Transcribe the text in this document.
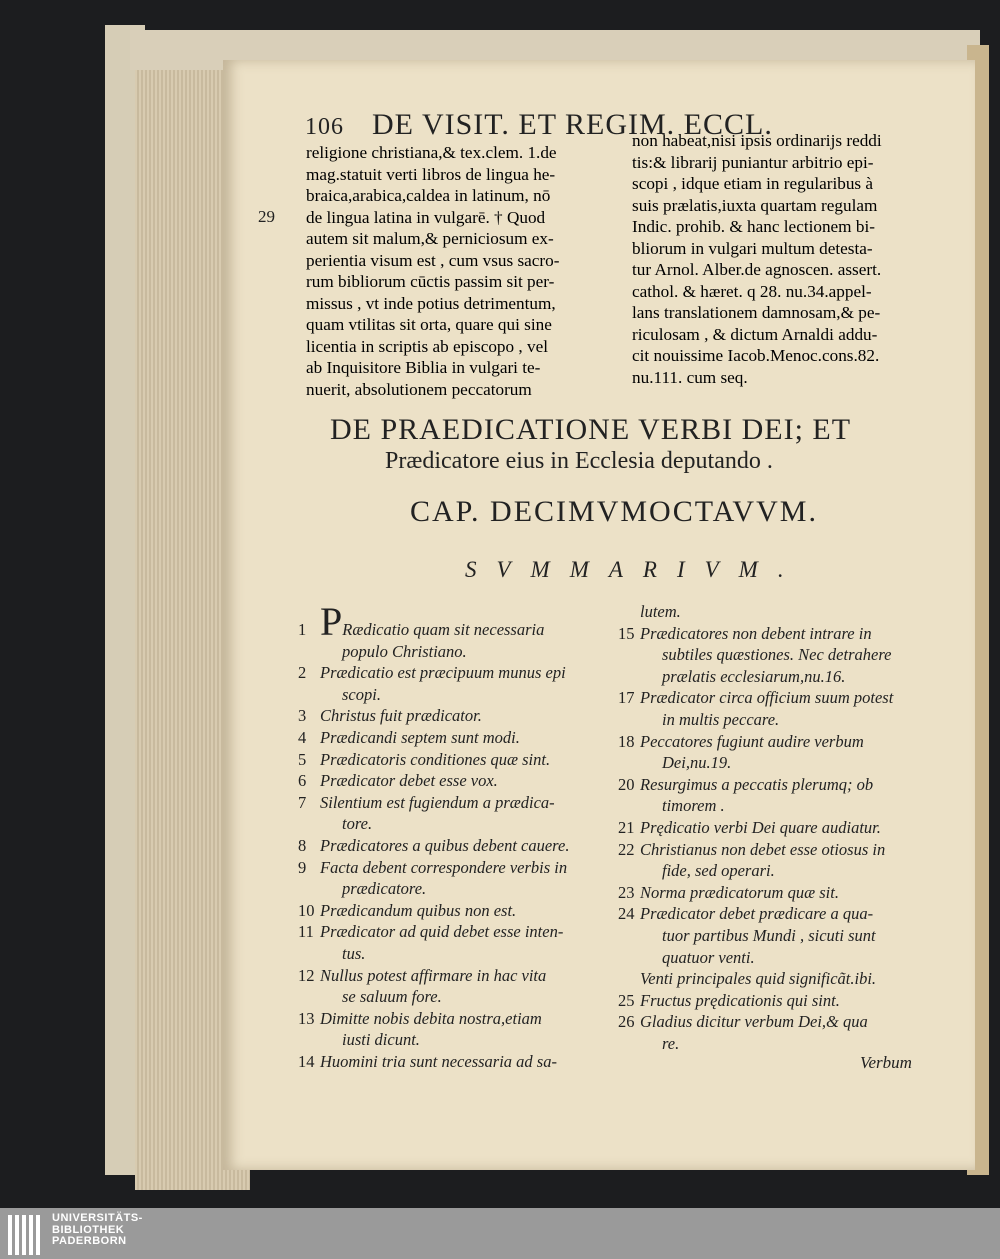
106 DE VISIT. ET REGIM. ECCL.
religione christiana,& tex.clem. 1.de
mag.statuit verti libros de lingua he-
braica,arabica,caldea in latinum, nō
de lingua latina in vulgarē. † Quod
autem sit malum,& perniciosum ex-
perientia visum est , cum vsus sacro-
rum bibliorum cūctis passim sit per-
missus , vt inde potius detrimentum,
quam vtilitas sit orta, quare qui sine
licentia in scriptis ab episcopo , vel
ab Inquisitore Biblia in vulgari te-
nuerit, absolutionem peccatorum
29
non habeat,nisi ipsis ordinarijs reddi
tis:& librarij puniantur arbitrio epi-
scopi , idque etiam in regularibus à
suis prælatis,iuxta quartam regulam
Indic. prohib. & hanc lectionem bi-
bliorum in vulgari multum detesta-
tur Arnol. Alber.de agnoscen. assert.
cathol. & hæret. q 28. nu.34.appel-
lans translationem damnosam,& pe-
riculosam , & dictum Arnaldi addu-
cit nouissime Iacob.Menoc.cons.82.
nu.111. cum seq.
DE PRAEDICATIONE VERBI DEI; ET
Prædicatore eius in Ecclesia deputando .
CAP. DECIMVMOCTAVVM.
SVMMARIVM.
1 PRædicatio quam sit necessaria
populo Christiano.
2 Prædicatio est præcipuum munus epi
scopi.
3 Christus fuit prædicator.
4 Prædicandi septem sunt modi.
5 Prædicatoris conditiones quæ sint.
6 Prædicator debet esse vox.
7 Silentium est fugiendum a prædica-
tore.
8 Prædicatores a quibus debent cauere.
9 Facta debent correspondere verbis in
prædicatore.
10 Prædicandum quibus non est.
11 Prædicator ad quid debet esse inten-
tus.
12 Nullus potest affirmare in hac vita
se saluum fore.
13 Dimitte nobis debita nostra,etiam
iusti dicunt.
14 Huomini tria sunt necessaria ad sa-
lutem.
15 Prædicatores non debent intrare in
subtiles quæstiones. Nec detrahere
prælatis ecclesiarum,nu.16.
17 Prædicator circa officium suum potest
in multis peccare.
18 Peccatores fugiunt audire verbum
Dei,nu.19.
20 Resurgimus a peccatis plerumq; ob
timorem .
21 Prędicatio verbi Dei quare audiatur.
22 Christianus non debet esse otiosus in
fide, sed operari.
23 Norma prædicatorum quæ sit.
24 Prædicator debet prædicare a qua-
tuor partibus Mundi , sicuti sunt
quatuor venti.
Venti principales quid significãt.ibi.
25 Fructus prędicationis qui sint.
26 Gladius dicitur verbum Dei,& qua
re.
Verbum
UNIVERSITÄTS-
BIBLIOTHEK
PADERBORN
